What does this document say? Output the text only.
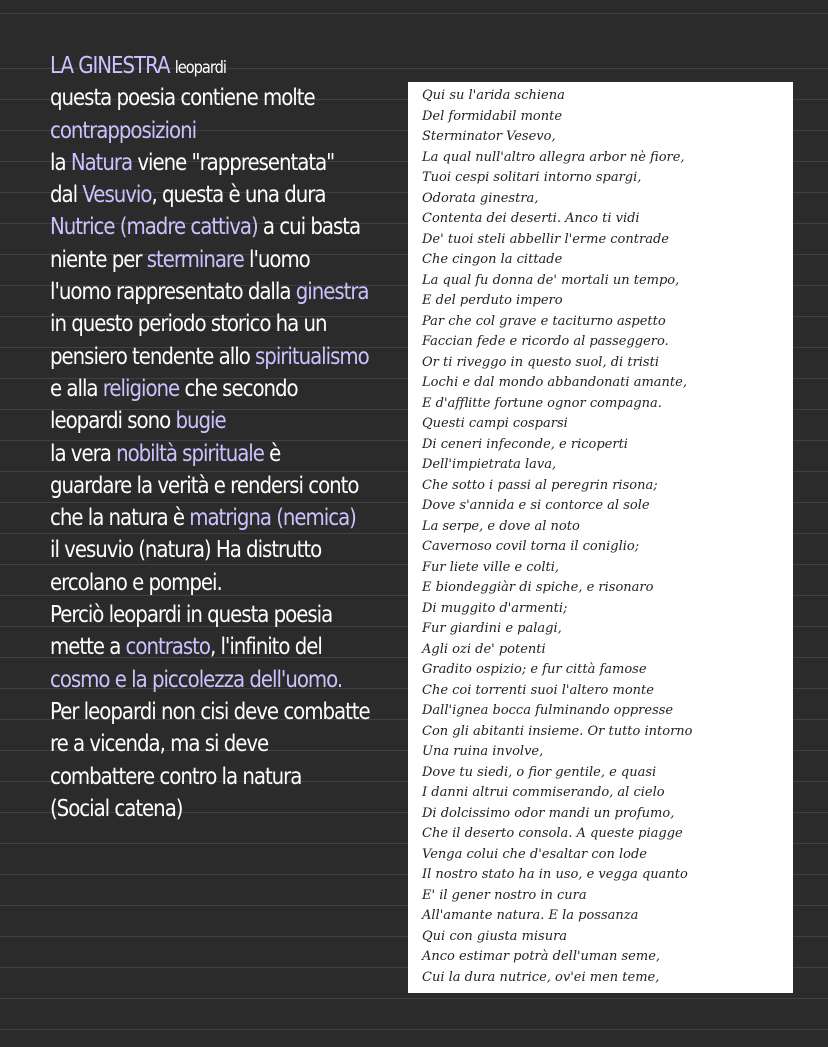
LA GINESTRA leopardi
questa poesia contiene molte
contrapposizioni
la Natura viene "rappresentata"
dal Vesuvio, questa è una dura
Nutrice (madre cattiva) a cui basta
niente per sterminare l'uomo
l'uomo rappresentato dalla ginestra
in questo periodo storico ha un
pensiero tendente allo spiritualismo
e alla religione che secondo
leopardi sono bugie
la vera nobiltà spirituale è
guardare la verità e rendersi conto
che la natura è matrigna (nemica)
il vesuvio (natura) Ha distrutto
ercolano e pompei.
Perciò leopardi in questa poesia
mette a contrasto, l'infinito del
cosmo e la piccolezza dell'uomo.
Per leopardi non cisi deve combatte
re a vicenda, ma si deve
combattere contro la natura
(Social catena)
Qui su l'arida schiena
Del formidabil monte
Sterminator Vesevo,
La qual null'altro allegra arbor nè fiore,
Tuoi cespi solitari intorno spargi,
Odorata ginestra,
Contenta dei deserti. Anco ti vidi
De' tuoi steli abbellir l'erme contrade
Che cingon la cittade
La qual fu donna de' mortali un tempo,
E del perduto impero
Par che col grave e taciturno aspetto
Faccian fede e ricordo al passeggero.
Or ti riveggo in questo suol, di tristi
Lochi e dal mondo abbandonati amante,
E d'afflitte fortune ognor compagna.
Questi campi cosparsi
Di ceneri infeconde, e ricoperti
Dell'impietrata lava,
Che sotto i passi al peregrin risona;
Dove s'annida e si contorce al sole
La serpe, e dove al noto
Cavernoso covil torna il coniglio;
Fur liete ville e colti,
E biondeggiàr di spiche, e risonaro
Di muggito d'armenti;
Fur giardini e palagi,
Agli ozi de' potenti
Gradito ospizio; e fur città famose
Che coi torrenti suoi l'altero monte
Dall'ignea bocca fulminando oppresse
Con gli abitanti insieme. Or tutto intorno
Una ruina involve,
Dove tu siedi, o fior gentile, e quasi
I danni altrui commiserando, al cielo
Di dolcissimo odor mandi un profumo,
Che il deserto consola. A queste piagge
Venga colui che d'esaltar con lode
Il nostro stato ha in uso, e vegga quanto
E' il gener nostro in cura
All'amante natura. E la possanza
Qui con giusta misura
Anco estimar potrà dell'uman seme,
Cui la dura nutrice, ov'ei men teme,
